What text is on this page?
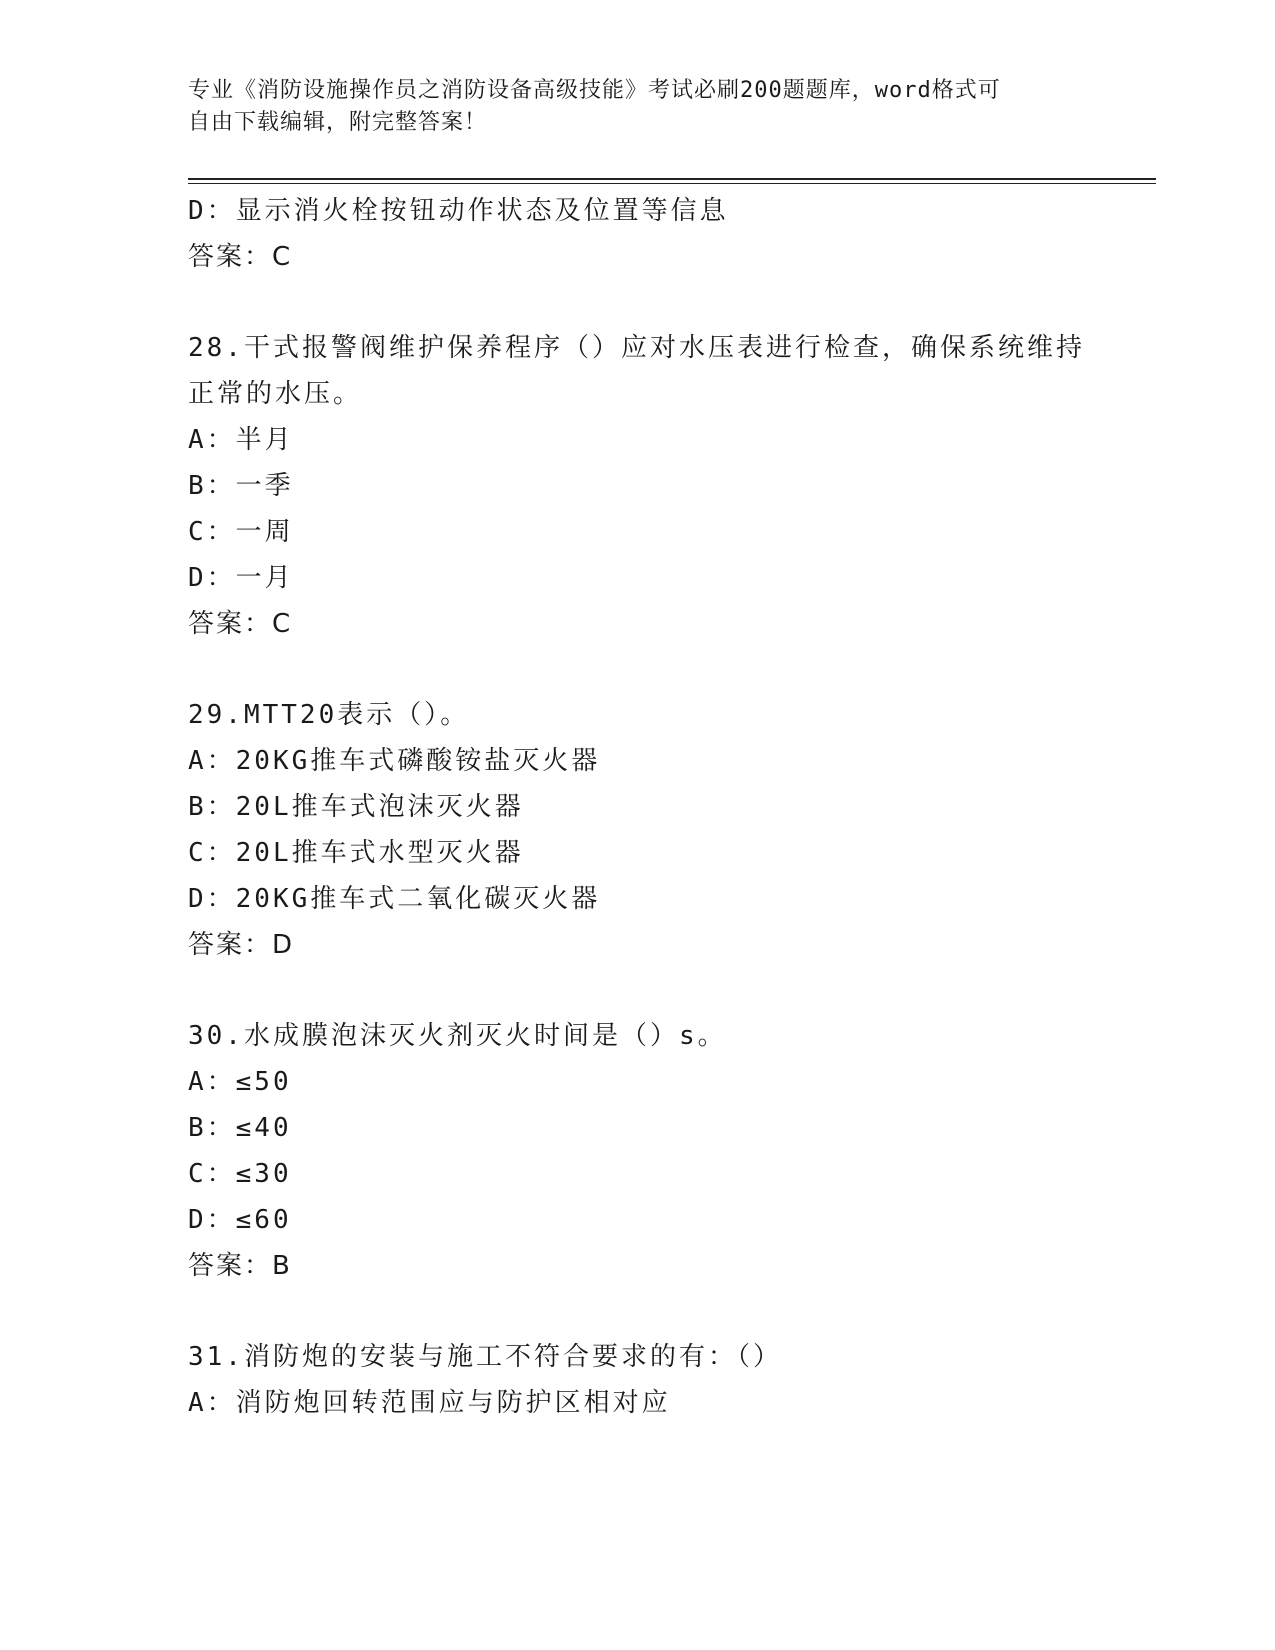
专业《消防设施操作员之消防设备高级技能》考试必刷200题题库，word格式可
自由下载编辑，附完整答案！
D：显示消火栓按钮动作状态及位置等信息
答案：C
28.干式报警阀维护保养程序（）应对水压表进行检查，确保系统维持
正常的水压。
A：半月
B：一季
C：一周
D：一月
答案：C
29.MTT20表示（）。
A：20KG推车式磷酸铵盐灭火器
B：20L推车式泡沫灭火器
C：20L推车式水型灭火器
D：20KG推车式二氧化碳灭火器
答案：D
30.水成膜泡沫灭火剂灭火时间是（）s。
A：≤50
B：≤40
C：≤30
D：≤60
答案：B
31.消防炮的安装与施工不符合要求的有：（）
A：消防炮回转范围应与防护区相对应
